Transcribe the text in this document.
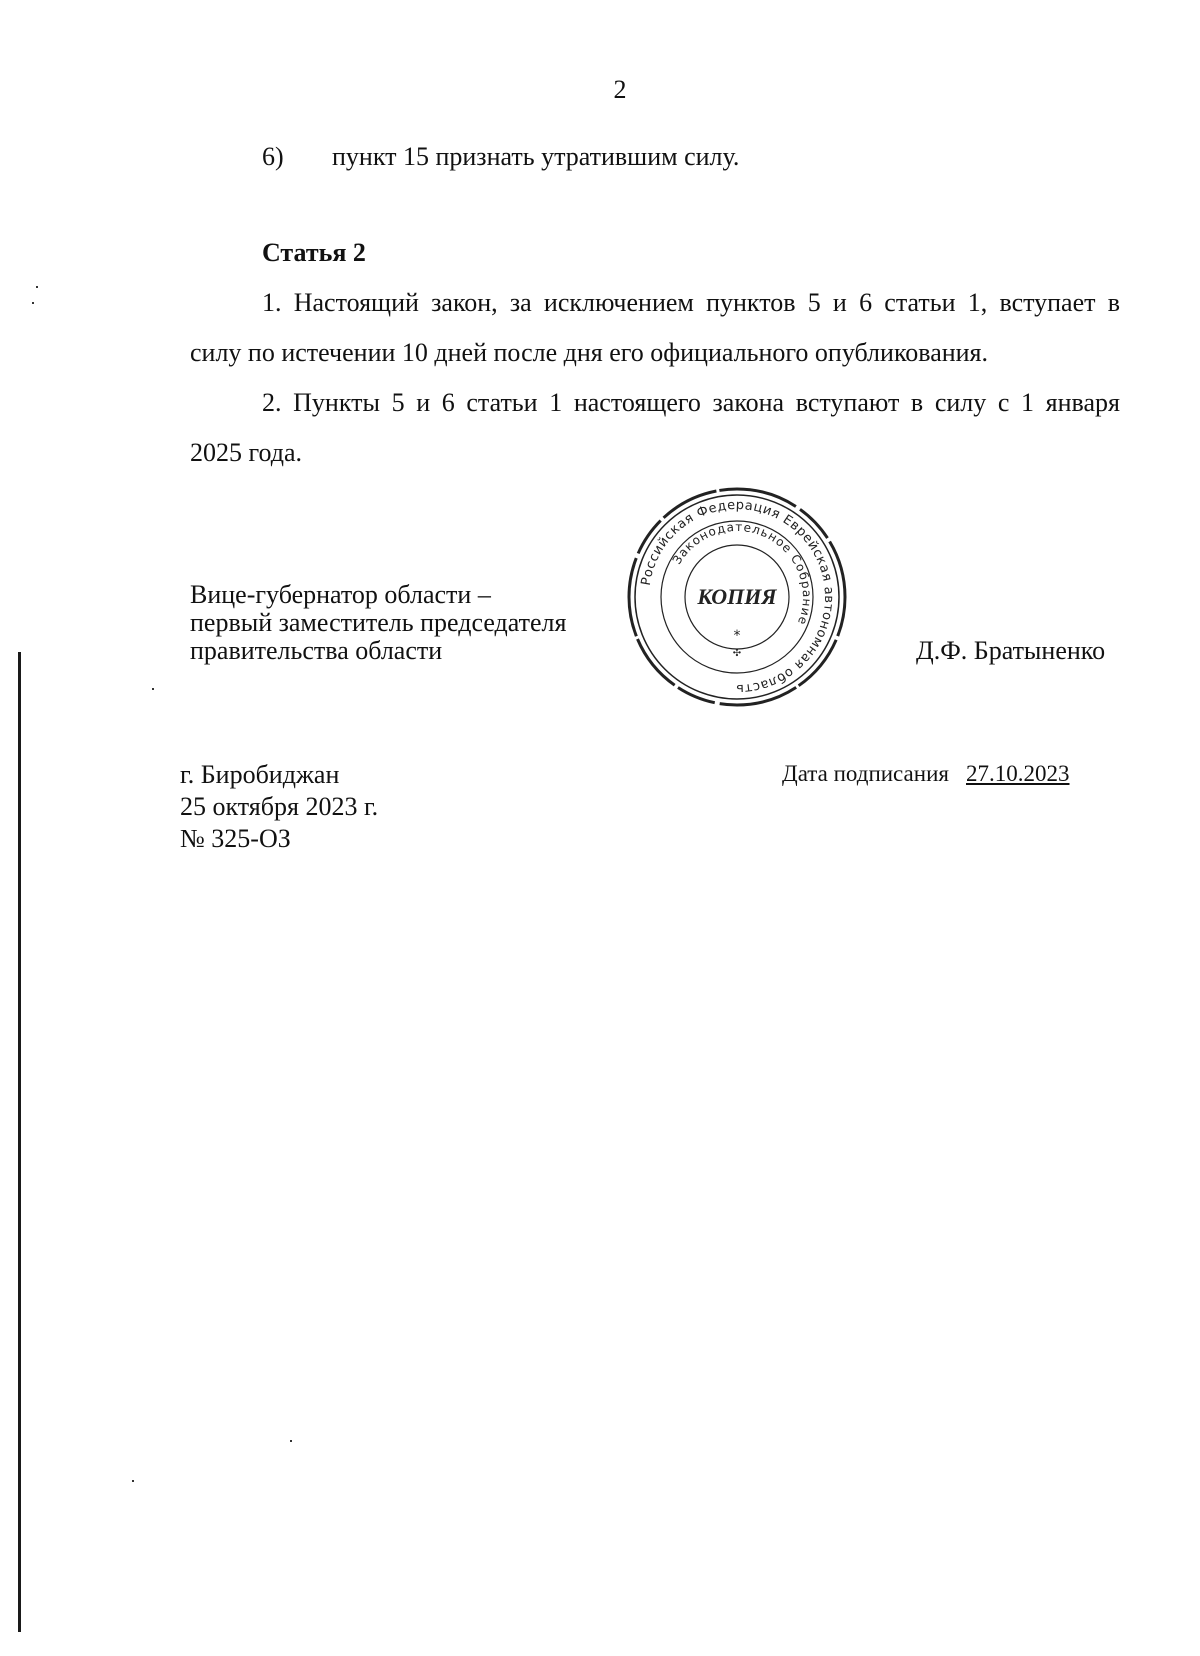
2
6) пункт 15 признать утратившим силу.
Статья 2
1. Настоящий закон, за исключением пунктов 5 и 6 статьи 1, вступает в
силу по истечении 10 дней после дня его официального опубликования.
2. Пункты 5 и 6 статьи 1 настоящего закона вступают в силу с 1 января
2025 года.
Вице-губернатор области –
первый заместитель председателя
правительства области
Российская Федерация Еврейская автономная область
Законодательное Собрание
КОПИЯ
*
✣	Д.Ф. Братыненко
г. Биробиджан
25 октября 2023 г.
№ 325-ОЗ
Дата подписания 27.10.2023
